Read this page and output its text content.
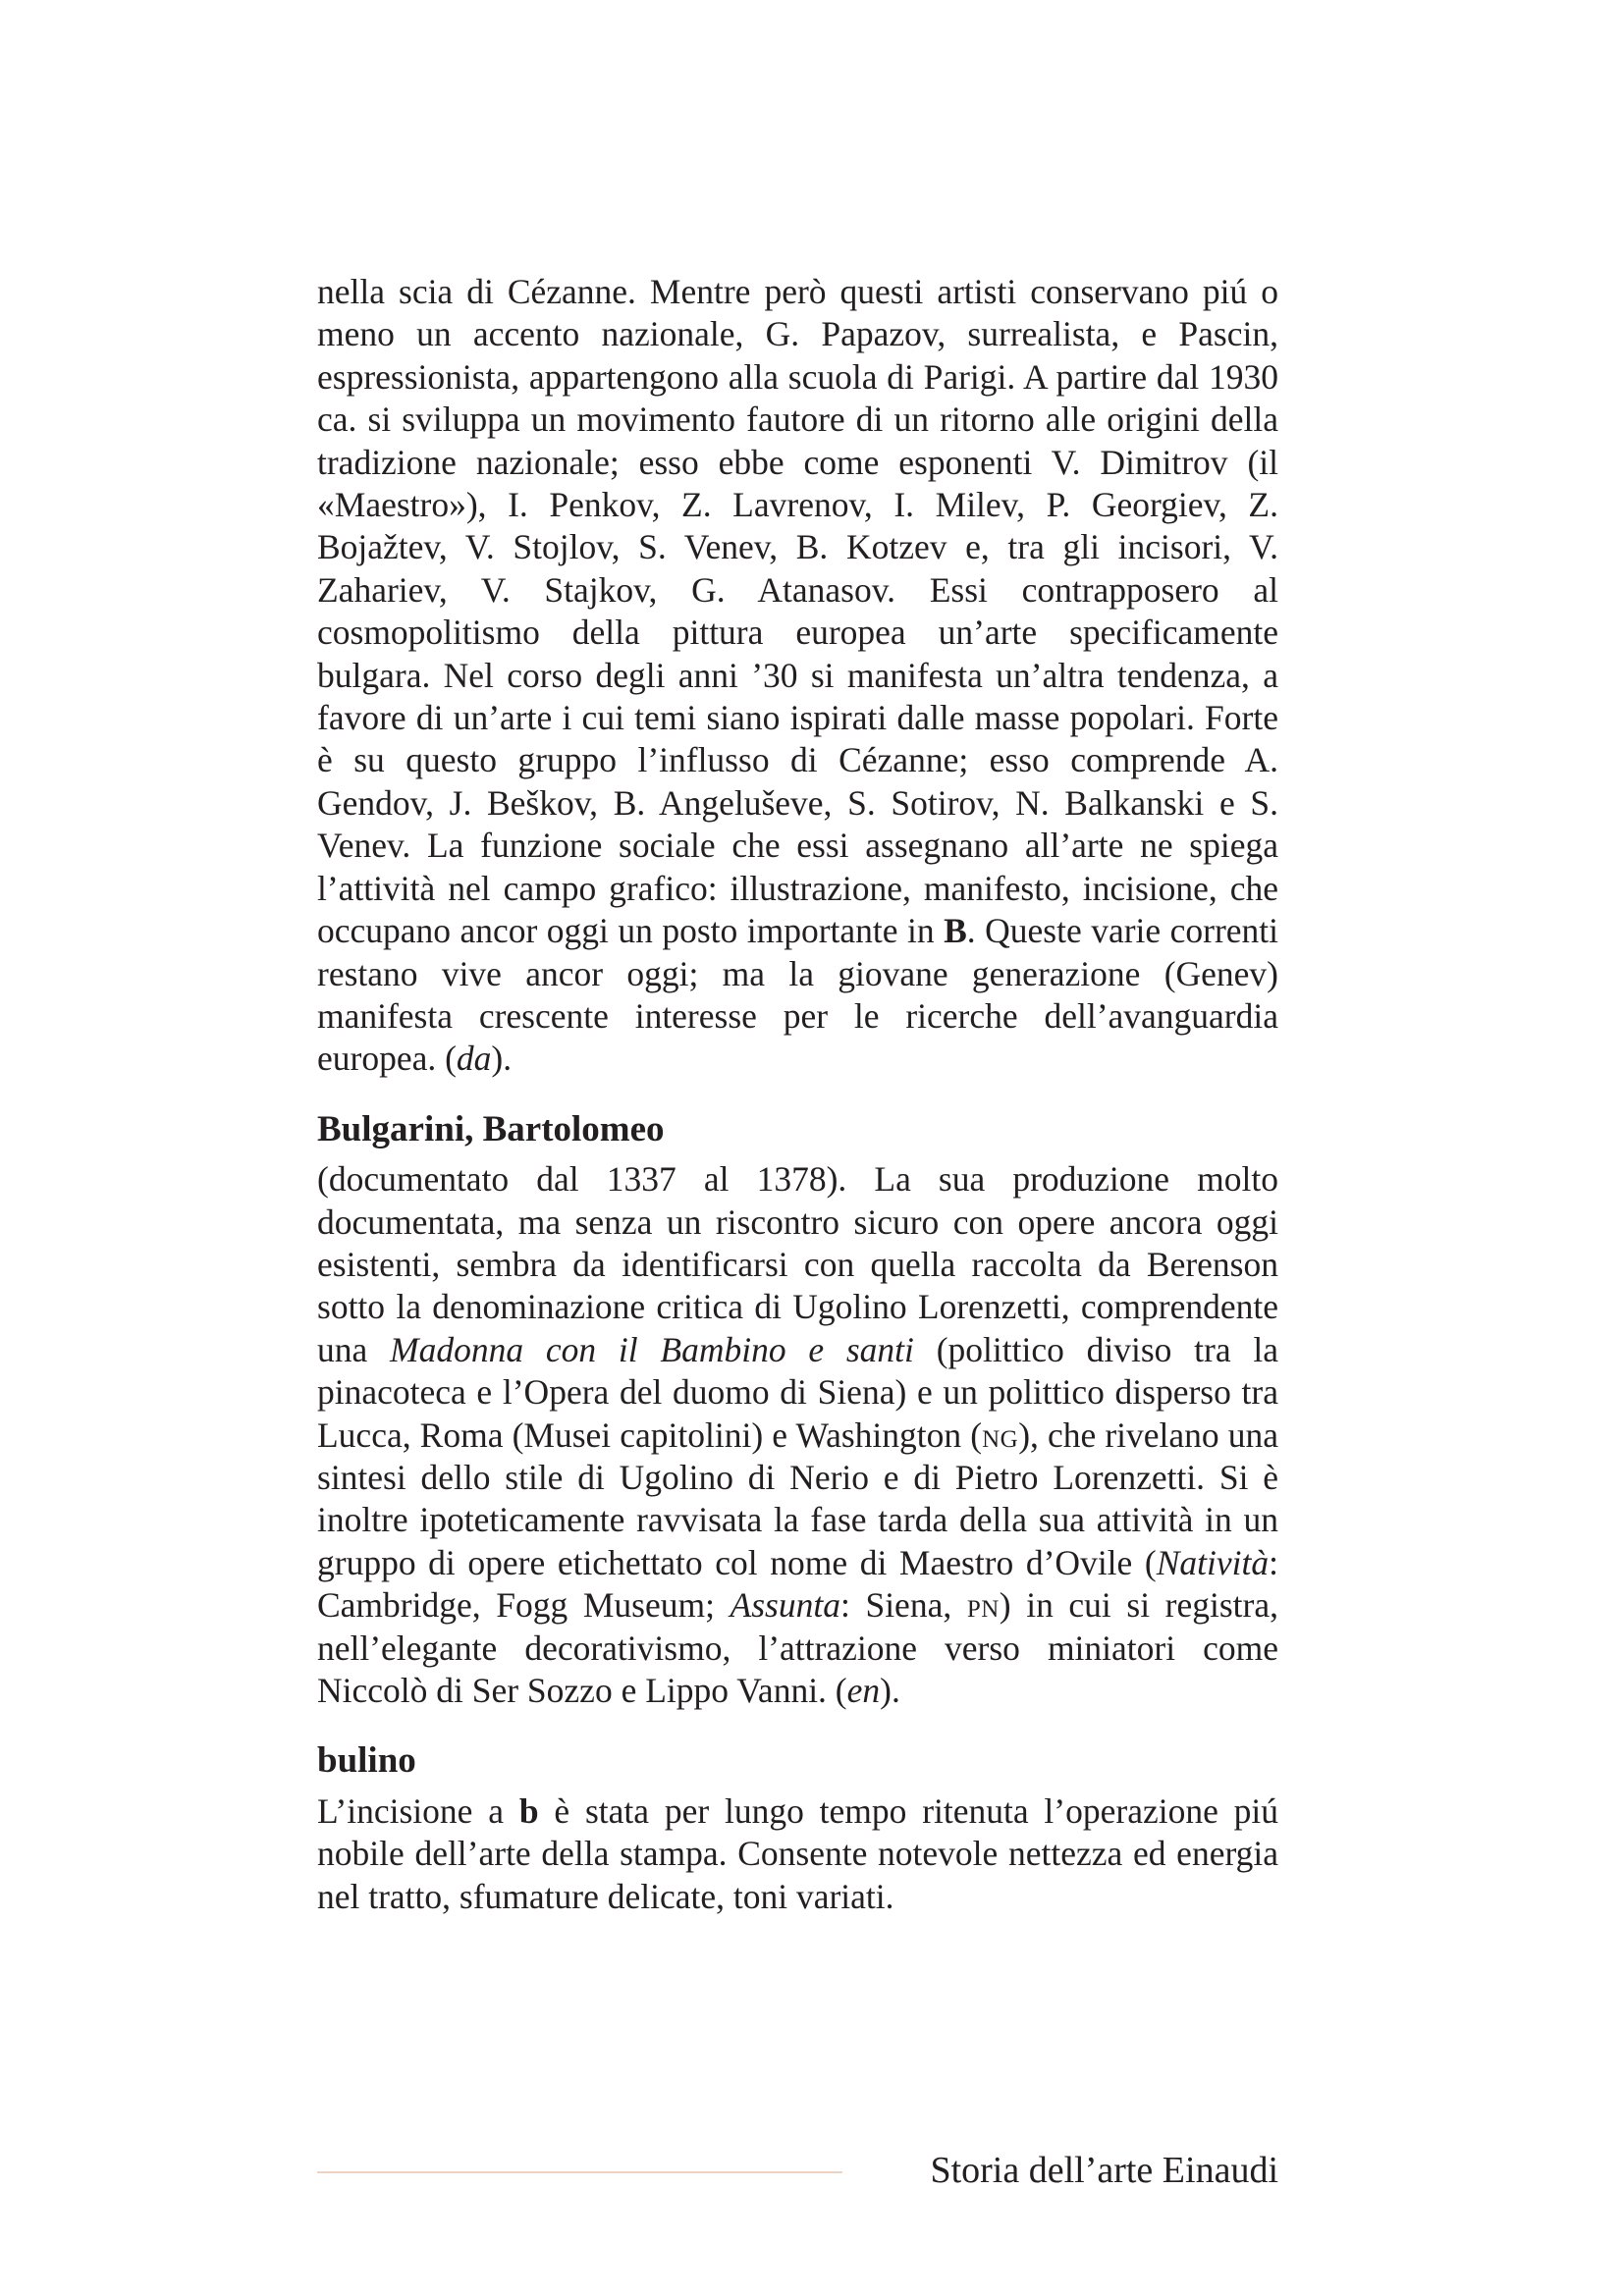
nella scia di Cézanne. Mentre però questi artisti conservano piú o meno un accento nazionale, G. Papazov, surrealista, e Pascin, espressionista, appartengono alla scuola di Parigi. A partire dal 1930 ca. si sviluppa un movimento fautore di un ritorno alle origini della tradizione nazionale; esso ebbe come esponenti V. Dimitrov (il «Maestro»), I. Penkov, Z. Lavrenov, I. Milev, P. Georgiev, Z. Bojažtev, V. Stojlov, S. Venev, B. Kotzev e, tra gli incisori, V. Zahariev, V. Stajkov, G. Atanasov. Essi contrapposero al cosmopolitismo della pittura europea un’arte specificamente bulgara. Nel corso degli anni ’30 si manifesta un’altra tendenza, a favore di un’arte i cui temi siano ispirati dalle masse popolari. Forte è su questo gruppo l’influsso di Cézanne; esso comprende A. Gendov, J. Beškov, B. Angeluševe, S. Sotirov, N. Balkanski e S. Venev. La funzione sociale che essi assegnano all’arte ne spiega l’attività nel campo grafico: illustrazione, manifesto, incisione, che occupano ancor oggi un posto importante in B. Queste varie correnti restano vive ancor oggi; ma la giovane generazione (Genev) manifesta crescente interesse per le ricerche dell’avanguardia europea. (da).

Bulgarini, Bartolomeo

(documentato dal 1337 al 1378). La sua produzione molto documentata, ma senza un riscontro sicuro con opere ancora oggi esistenti, sembra da identificarsi con quella raccolta da Berenson sotto la denominazione critica di Ugolino Lorenzetti, comprendente una Madonna con il Bambino e santi (polittico diviso tra la pinacoteca e l’Opera del duomo di Siena) e un polittico disperso tra Lucca, Roma (Musei capitolini) e Washington (ng), che rivelano una sintesi dello stile di Ugolino di Nerio e di Pietro Lorenzetti. Si è inoltre ipoteticamente ravvisata la fase tarda della sua attività in un gruppo di opere etichettato col nome di Maestro d’Ovile (Natività: Cambridge, Fogg Museum; Assunta: Siena, pn) in cui si registra, nell’elegante decorativismo, l’attrazione verso miniatori come Niccolò di Ser Sozzo e Lippo Vanni. (en).

bulino

L’incisione a b è stata per lungo tempo ritenuta l’operazione piú nobile dell’arte della stampa. Consente notevole nettezza ed energia nel tratto, sfumature delicate, toni variati.

Storia dell’arte Einaudi
